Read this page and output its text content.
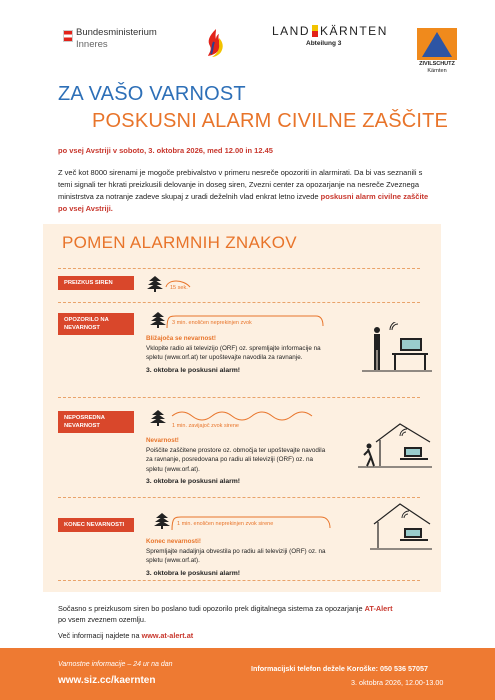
Bundesministerium
Inneres
LAND KÄRNTEN
Abteilung 3
ZIVILSCHUTZ
Kärnten
ZA VAŠO VARNOST
POSKUSNI ALARM CIVILNE ZAŠČITE
po vsej Avstriji v soboto, 3. oktobra 2026, med 12.00 in 12.45
Z več kot 8000 sirenami je mogoče prebivalstvo v primeru nesreče opozoriti in alarmirati. Da bi vas seznanili s temi signali ter hkrati preizkusili delovanje in doseg siren, Zvezni center za opozarjanje na nesreče Zveznega ministrstva za notranje zadeve skupaj z uradi deželnih vlad enkrat letno izvede poskusni alarm civilne zaščite po vsej Avstriji.
POMEN ALARMNIH ZNAKOV
PREIZKUS SIREN
15 sek.
OPOZORILO NA NEVARNOST
3 min. enoličen neprekinjen zvok
Bližajoča se nevarnost!
Vklopite radio ali televizijo (ORF) oz. spremljajte informacije na spletu (www.orf.at) ter upoštevajte navodila za ravnanje.
3. oktobra le poskusni alarm!
NEPOSREDNA NEVARNOST	1 min. zavijajoč zvok sirene
Nevarnost!
Poiščite zaščitene prostore oz. območja ter upoštevajte navodila za ravnanje, posredovana po radiu ali televiziji (ORF) oz. na spletu (www.orf.at).
3. oktobra le poskusni alarm!
KONEC NEVARNOSTI	1 min. enoličen neprekinjen zvok sirene
Konec nevarnosti!
Spremljajte nadaljnja obvestila po radiu ali televiziji (ORF) oz. na spletu (www.orf.at).
3. oktobra le poskusni alarm!
Sočasno s preizkusom siren bo poslano tudi opozorilo prek digitalnega sistema za opozarjanje AT-Alert
po vsem zveznem ozemlju.
Več informacij najdete na www.at-alert.at
Varnostne informacije – 24 ur na dan
www.siz.cc/kaernten
Informacijski telefon dežele Koroške: 050 536 57057
3. oktobra 2026, 12.00-13.00
